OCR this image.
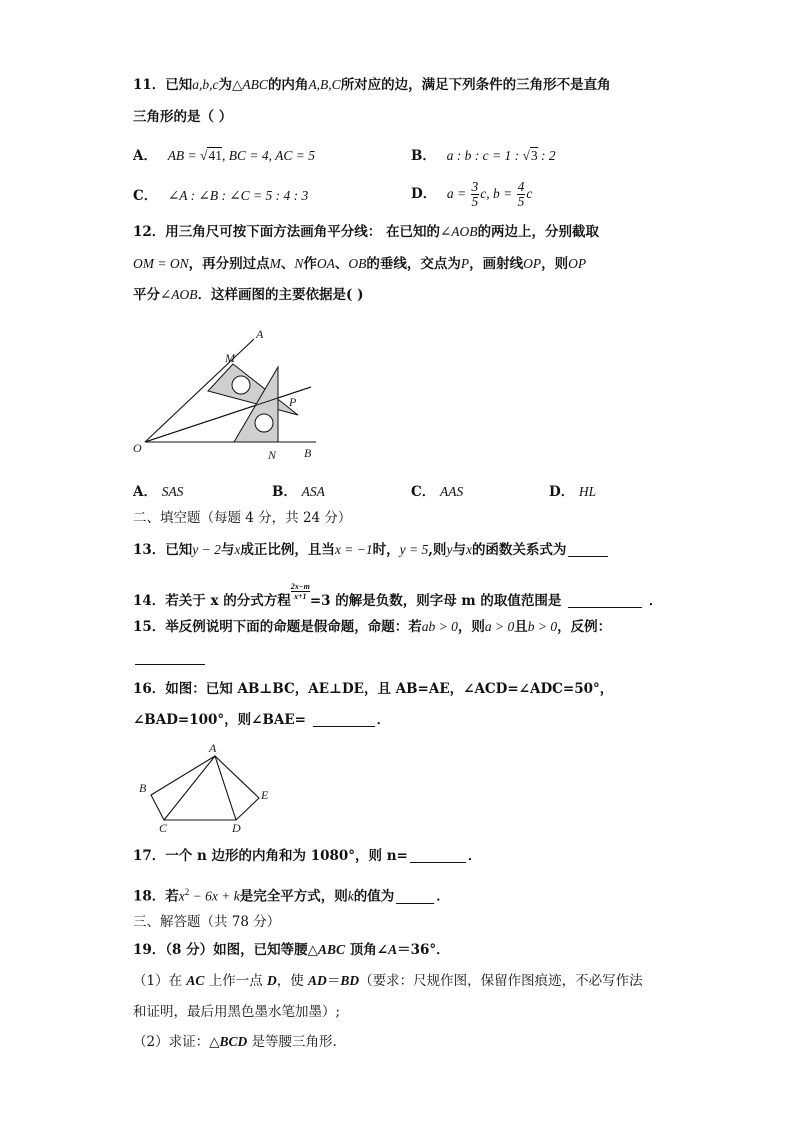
11．已知a,b,c为△ABC的内角A,B,C所对应的边，满足下列条件的三角形不是直角
三角形的是（ ）
A． AB = √41, BC = 4, AC = 5	B． a : b : c = 1 : √3 : 2
C． ∠A : ∠B : ∠C = 5 : 4 : 3	D． $a = \frac{3}{5} c$, $b = \frac{4}{5}$ c
12．用三角尺可按下面方法画角平分线： 在已知的∠AOB的两边上，分别截取
OM = ON，再分别过点M、N作OA、OB的垂线，交点为P，画射线OP，则OP
平分∠AOB．这样画图的主要依据是( )
A
M
P
O	N B
A． SAS	B． ASA	C． AAS	D． HL
二、填空题（每题 4 分，共 24 分）
13．已知y − 2与x成正比例，且当x = −1时，y = 5,则y与x的函数关系式为
14．若关于 x 的分式方程 $\frac{2x-m}{x+1} =3$ 的解是负数，则字母 m 的取值范围是	．
15．举反例说明下面的命题是假命题，命题：若ab > 0，则a > 0且b > 0，反例：
16．如图：已知 AB⊥BC，AE⊥DE，且 AB=AE，∠ACD=∠ADC=50°，
∠BAD=100°，则∠BAE=	．
A
B
C	D
E
17．一个 n 边形的内角和为 1080°，则 n=	．
18．若$x^2 - 6x + k$是完全平方式，则k的值为	．
三、解答题（共 78 分）
19．（8 分）如图，已知等腰△ABC 顶角∠A＝36°．
（1）在 AC 上作一点 D，使 AD＝BD（要求：尺规作图，保留作图痕迹，不必写作法
和证明，最后用黑色墨水笔加墨）;
（2）求证：△BCD 是等腰三角形.
